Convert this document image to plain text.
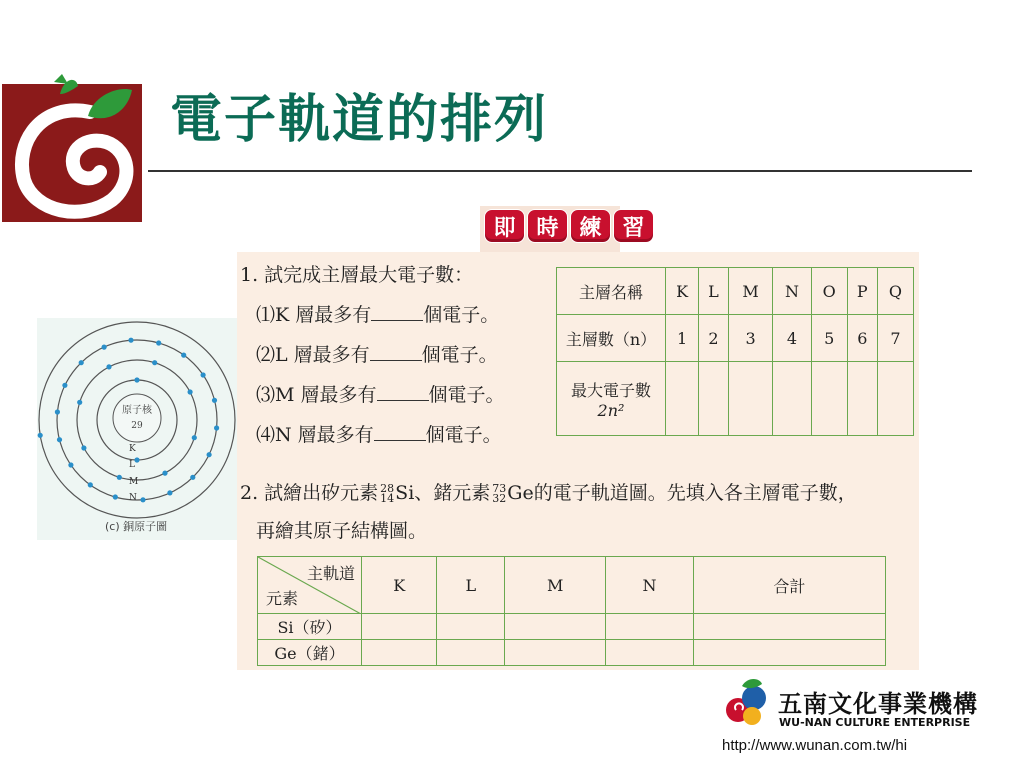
電子軌道的排列
即 時 練 習
1. 試完成主層最大電子數：
⑴K 層最多有	個電子。
⑵L 層最多有	個電子。
⑶M 層最多有	個電子。
⑷N 層最多有	個電子。
主層名稱	K	L	M	N	O	P	Q
主層數（n）	1	2	3	4	5	6	7

最大電子數
2n²							

原子核
29
K
L
M
N
(c) 銅原子圖
2. 試繪出矽元素 28
14 Si、鍺元素 73
32 Ge的電子軌道圖。先填入各主層電子數，
再繪其原子結構圖。
主軌道
元素	K	L	M	N	合計
Si（矽）					
Ge（鍺）					
五南文化事業機構
WU-NAN CULTURE ENTERPRISE
http://www.wunan.com.tw/hi
